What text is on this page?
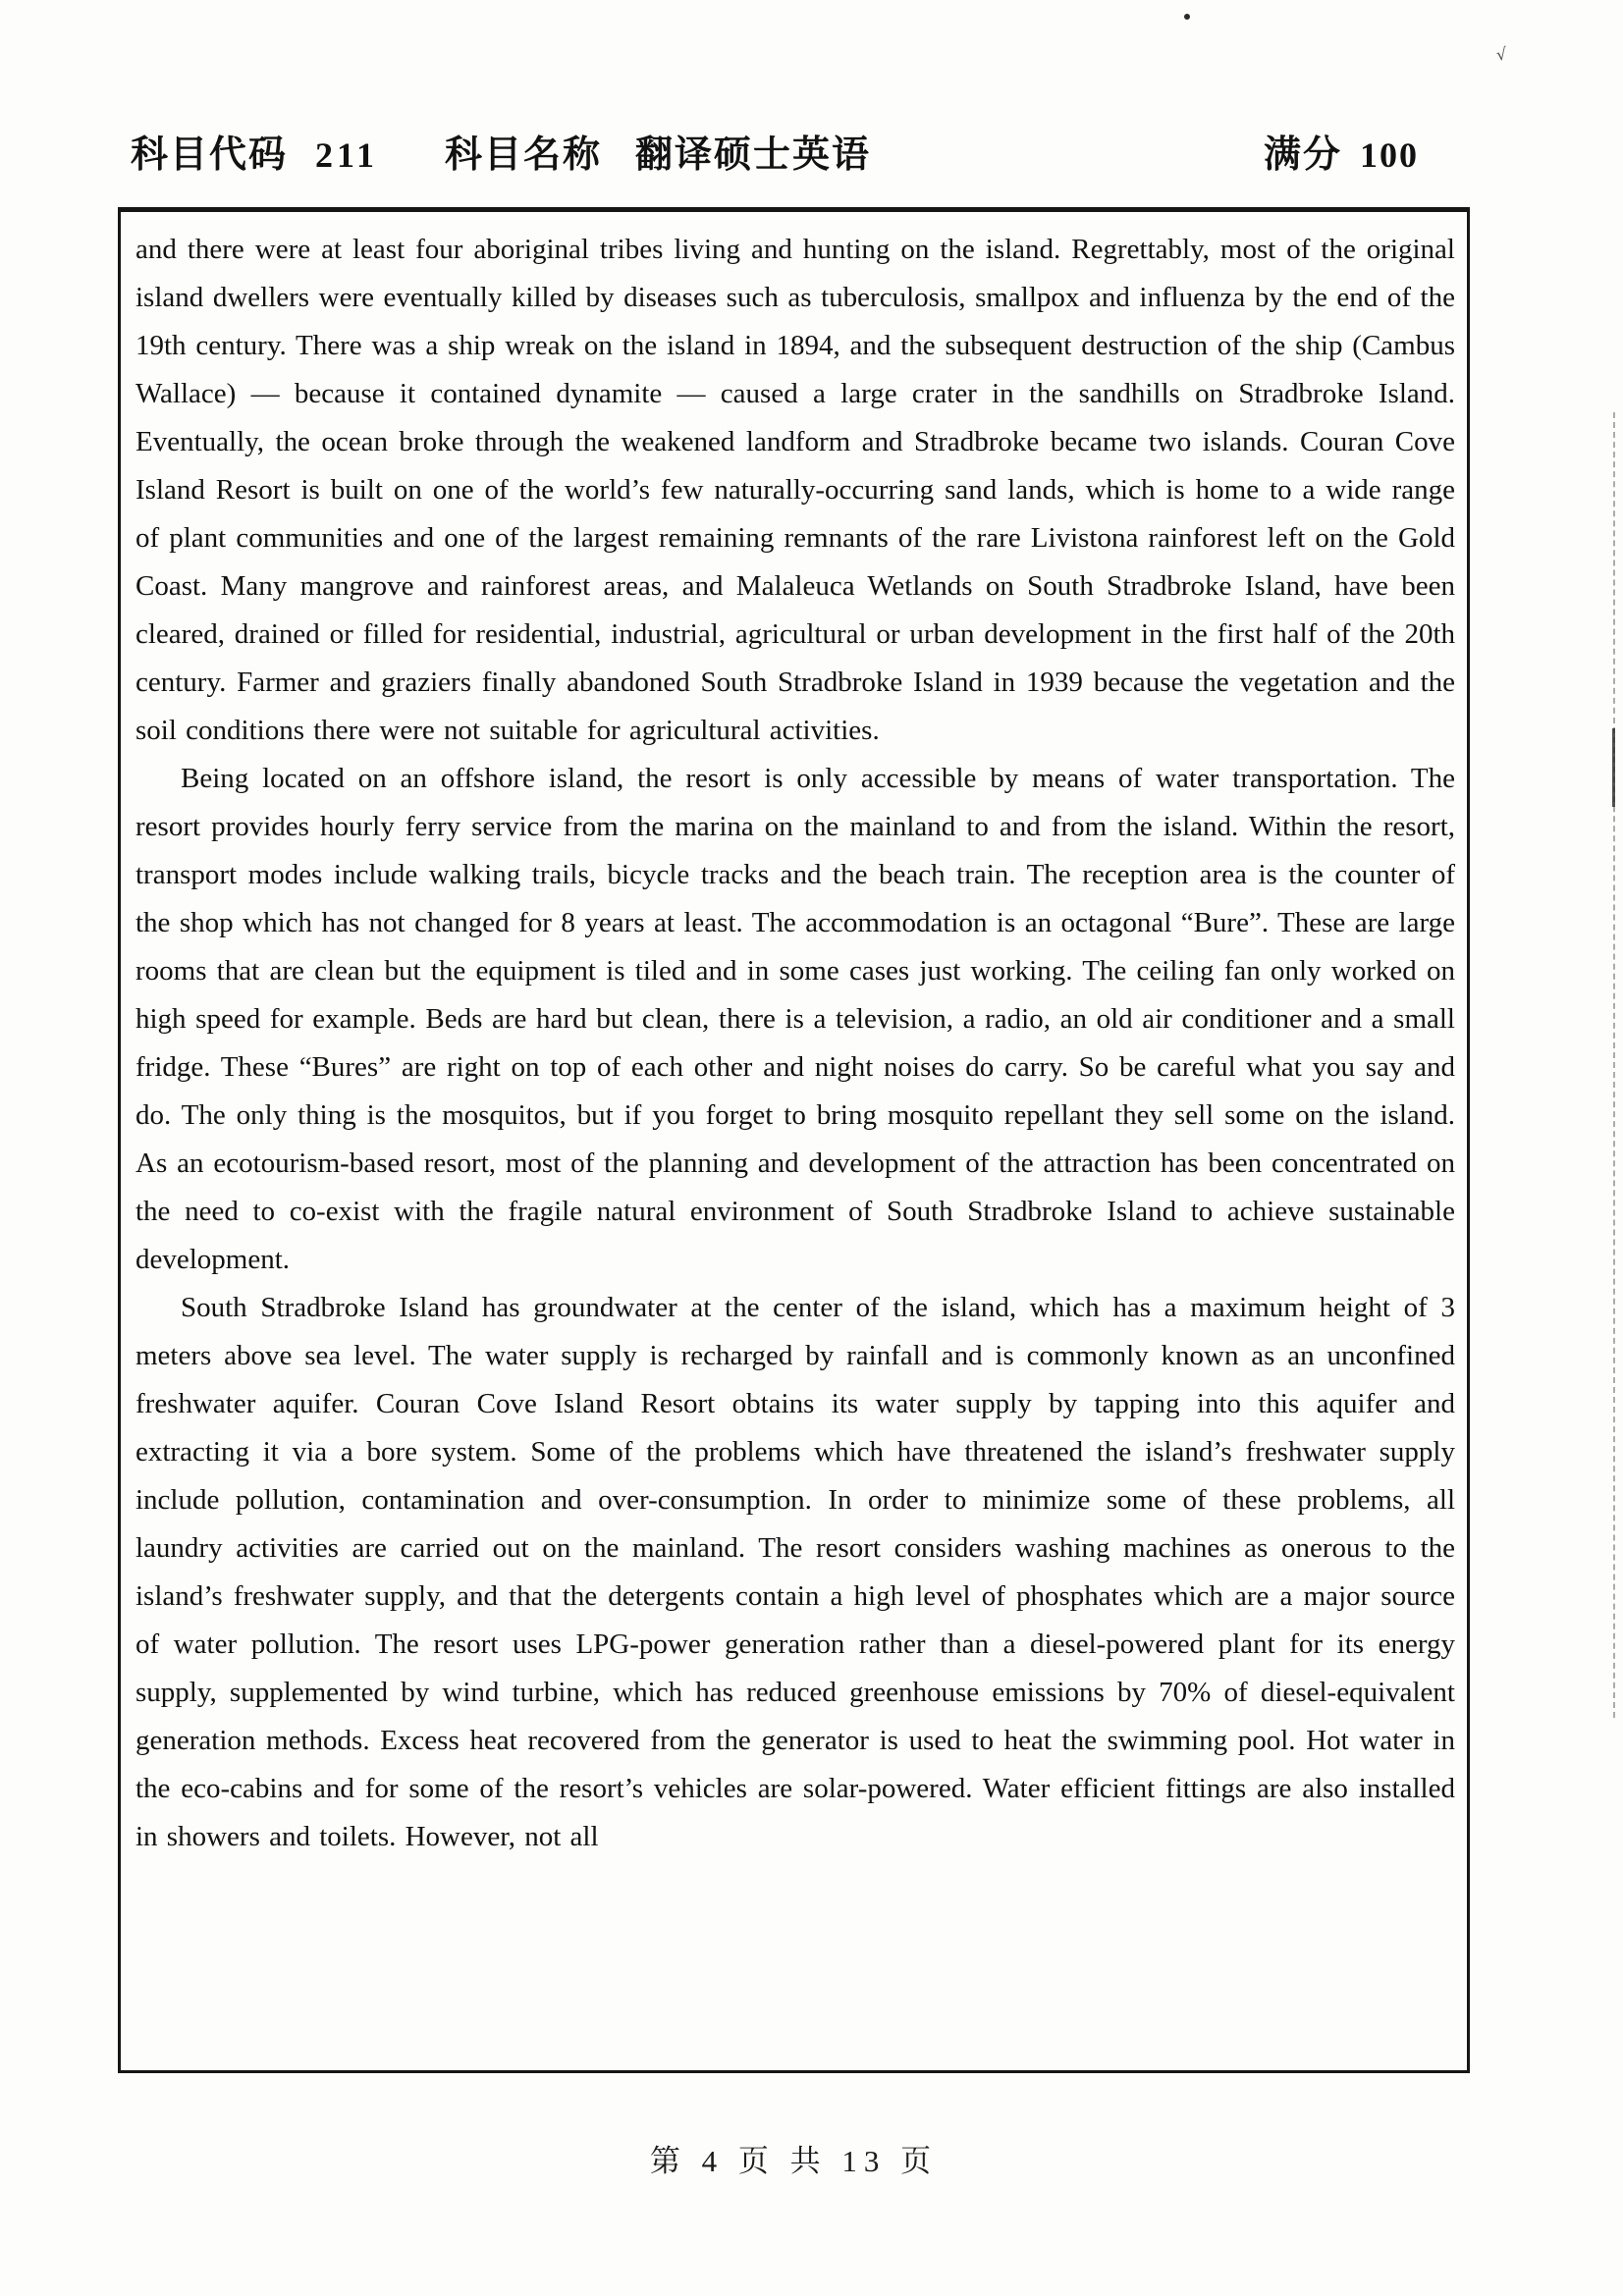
科目代码 211 科目名称 翻译硕士英语	满分 100

and there were at least four aboriginal tribes living and hunting on the island. Regrettably, most of the original island dwellers were eventually killed by diseases such as tuberculosis, smallpox and influenza by the end of the 19th century. There was a ship wreak on the island in 1894, and the subsequent destruction of the ship (Cambus Wallace) — because it contained dynamite — caused a large crater in the sandhills on Stradbroke Island. Eventually, the ocean broke through the weakened landform and Stradbroke became two islands. Couran Cove Island Resort is built on one of the world’s few naturally-occurring sand lands, which is home to a wide range of plant communities and one of the largest remaining remnants of the rare Livistona rainforest left on the Gold Coast. Many mangrove and rainforest areas, and Malaleuca Wetlands on South Stradbroke Island, have been cleared, drained or filled for residential, industrial, agricultural or urban development in the first half of the 20th century. Farmer and graziers finally abandoned South Stradbroke Island in 1939 because the vegetation and the soil conditions there were not suitable for agricultural activities.

Being located on an offshore island, the resort is only accessible by means of water transportation. The resort provides hourly ferry service from the marina on the mainland to and from the island. Within the resort, transport modes include walking trails, bicycle tracks and the beach train. The reception area is the counter of the shop which has not changed for 8 years at least. The accommodation is an octagonal “Bure”. These are large rooms that are clean but the equipment is tiled and in some cases just working. The ceiling fan only worked on high speed for example. Beds are hard but clean, there is a television, a radio, an old air conditioner and a small fridge. These “Bures” are right on top of each other and night noises do carry. So be careful what you say and do. The only thing is the mosquitos, but if you forget to bring mosquito repellant they sell some on the island. As an ecotourism-based resort, most of the planning and development of the attraction has been concentrated on the need to co-exist with the fragile natural environment of South Stradbroke Island to achieve sustainable development.

South Stradbroke Island has groundwater at the center of the island, which has a maximum height of 3 meters above sea level. The water supply is recharged by rainfall and is commonly known as an unconfined freshwater aquifer. Couran Cove Island Resort obtains its water supply by tapping into this aquifer and extracting it via a bore system. Some of the problems which have threatened the island’s freshwater supply include pollution, contamination and over-consumption. In order to minimize some of these problems, all laundry activities are carried out on the mainland. The resort considers washing machines as onerous to the island’s freshwater supply, and that the detergents contain a high level of phosphates which are a major source of water pollution. The resort uses LPG-power generation rather than a diesel-powered plant for its energy supply, supplemented by wind turbine, which has reduced greenhouse emissions by 70% of diesel-equivalent generation methods. Excess heat recovered from the generator is used to heat the swimming pool. Hot water in the eco-cabins and for some of the resort’s vehicles are solar-powered. Water efficient fittings are also installed in showers and toilets. However, not all

第 4 页 共 13 页
√
